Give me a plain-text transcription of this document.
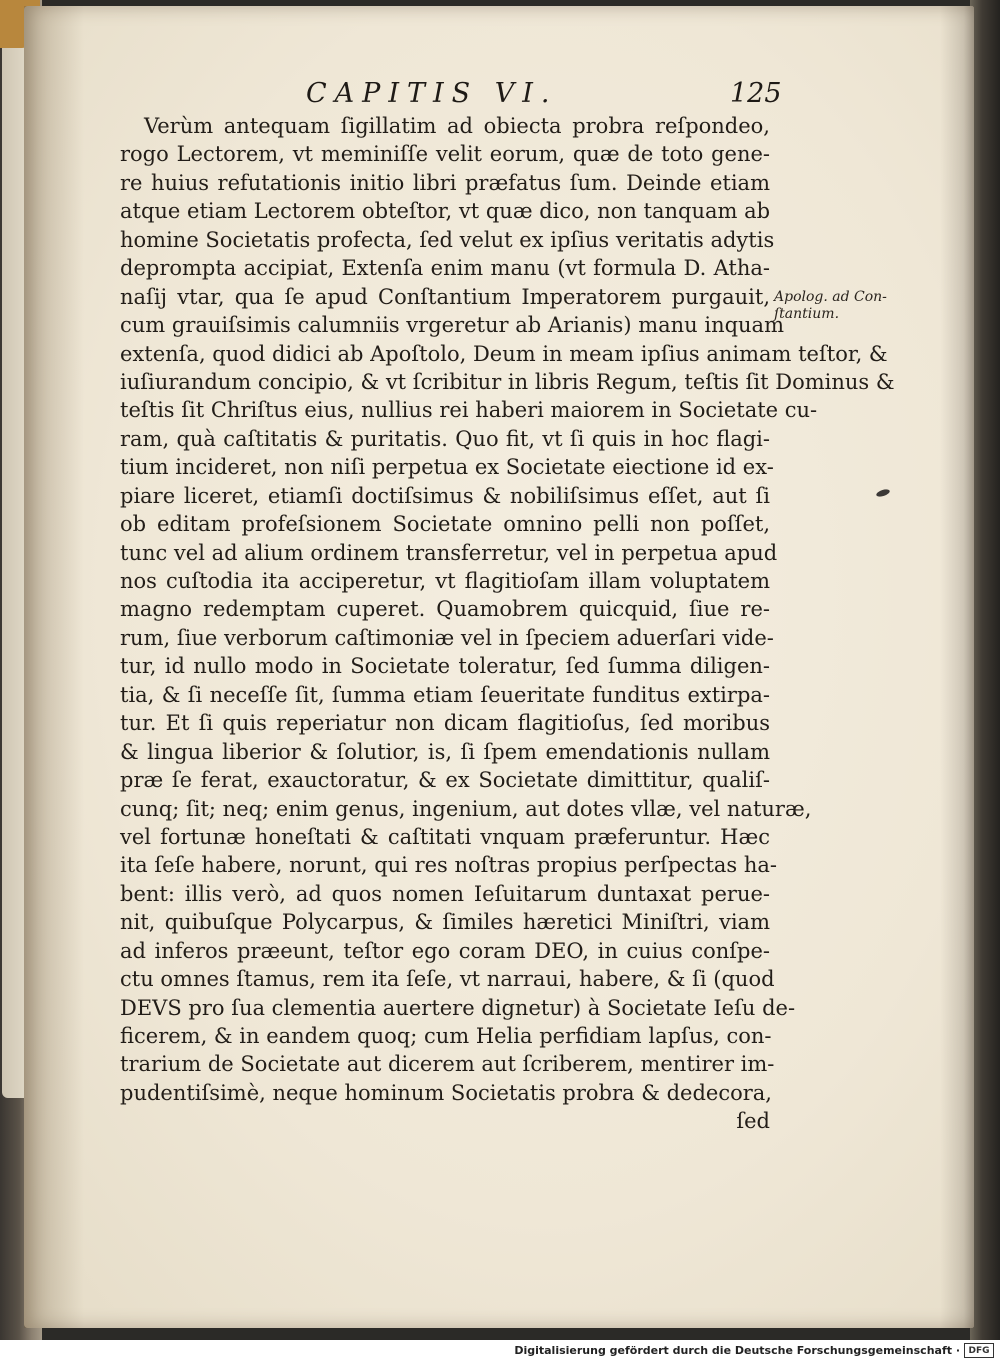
CAPITIS VI.	125
Verùm antequam ſigillatim ad obiecta probra reſpondeo,
rogo Lectorem, vt meminiſſe velit eorum, quæ de toto gene-
re huius refutationis initio libri præfatus ſum. Deinde etiam
atque etiam Lectorem obteſtor, vt quæ dico, non tanquam ab
homine Societatis profecta, ſed velut ex ipſius veritatis adytis
deprompta accipiat, Extenſa enim manu (vt formula D. Atha-
naſij vtar, qua ſe apud Conſtantium Imperatorem purgauit,
cum grauiſsimis calumniis vrgeretur ab Arianis) manu inquam
extenſa, quod didici ab Apoſtolo, Deum in meam ipſius animam teſtor, &
iuſiurandum concipio, & vt ſcribitur in libris Regum, teſtis ſit Dominus &
teſtis ſit Chriſtus eius, nullius rei haberi maiorem in Societate cu-
ram, quà caſtitatis & puritatis. Quo fit, vt ſi quis in hoc flagi-
tium incideret, non niſi perpetua ex Societate eiectione id ex-
piare liceret, etiamſi doctiſsimus & nobiliſsimus eſſet, aut ſi
ob editam profeſsionem Societate omnino pelli non poſſet,
tunc vel ad alium ordinem transferretur, vel in perpetua apud
nos cuſtodia ita acciperetur, vt flagitioſam illam voluptatem
magno redemptam cuperet. Quamobrem quicquid, ſiue re-
rum, ſiue verborum caſtimoniæ vel in ſpeciem aduerſari vide-
tur, id nullo modo in Societate toleratur, ſed ſumma diligen-
tia, & ſi neceſſe ſit, ſumma etiam ſeueritate funditus extirpa-
tur. Et ſi quis reperiatur non dicam flagitioſus, ſed moribus
& lingua liberior & ſolutior, is, ſi ſpem emendationis nullam
præ ſe ferat, exauctoratur, & ex Societate dimittitur, qualiſ-
cunq; ſit; neq; enim genus, ingenium, aut dotes vllæ, vel naturæ,
vel fortunæ honeſtati & caſtitati vnquam præferuntur. Hæc
ita ſeſe habere, norunt, qui res noſtras propius perſpectas ha-
bent: illis verò, ad quos nomen Ieſuitarum duntaxat perue-
nit, quibuſque Polycarpus, & ſimiles hæretici Miniſtri, viam
ad inferos præeunt, teſtor ego coram DEO, in cuius conſpe-
ctu omnes ſtamus, rem ita ſeſe, vt narraui, habere, & ſi (quod
DEVS pro ſua clementia auertere dignetur) à Societate Ieſu de-
ficerem, & in eandem quoq; cum Helia perfidiam lapſus, con-
trarium de Societate aut dicerem aut ſcriberem, mentirer im-
pudentiſsimè, neque hominum Societatis probra & dedecora,
ſed
Apolog. ad Con-
ſtantium.
Digitalisierung gefördert durch die Deutsche Forschungsgemeinschaft · DFG
